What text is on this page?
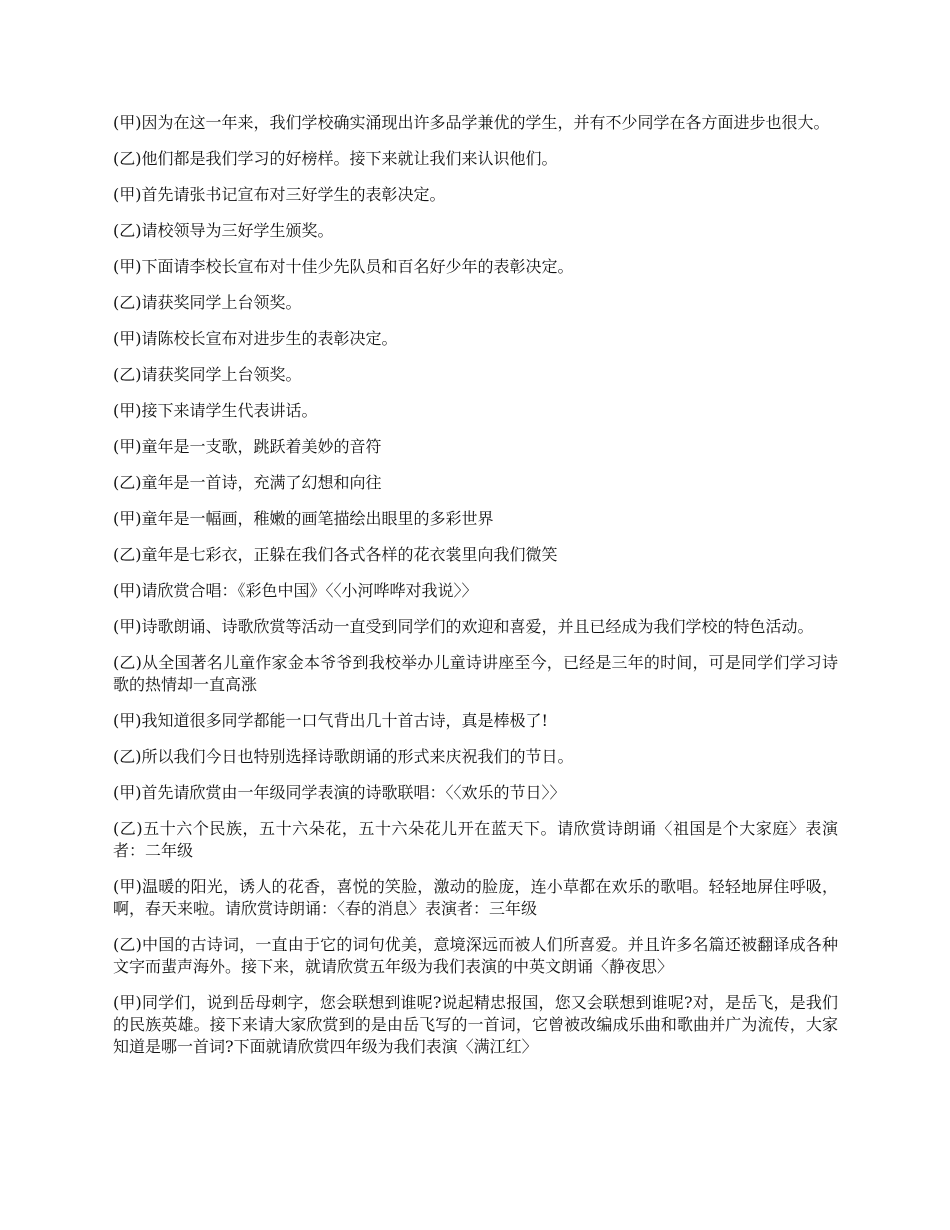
(甲)因为在这一年来，我们学校确实涌现出许多品学兼优的学生，并有不少同学在各方面进步也很大。

(乙)他们都是我们学习的好榜样。接下来就让我们来认识他们。

(甲)首先请张书记宣布对三好学生的表彰决定。

(乙)请校领导为三好学生颁奖。

(甲)下面请李校长宣布对十佳少先队员和百名好少年的表彰决定。

(乙)请获奖同学上台领奖。

(甲)请陈校长宣布对进步生的表彰决定。

(乙)请获奖同学上台领奖。

(甲)接下来请学生代表讲话。

(甲)童年是一支歌，跳跃着美妙的音符

(乙)童年是一首诗，充满了幻想和向往

(甲)童年是一幅画，稚嫩的画笔描绘出眼里的多彩世界

(乙)童年是七彩衣，正躲在我们各式各样的花衣裳里向我们微笑

(甲)请欣赏合唱：《彩色中国》〈〈小河哗哗对我说〉〉

(甲)诗歌朗诵、诗歌欣赏等活动一直受到同学们的欢迎和喜爱，并且已经成为我们学校的特色活动。

(乙)从全国著名儿童作家金本爷爷到我校举办儿童诗讲座至今，已经是三年的时间，可是同学们学习诗歌的热情却一直高涨

(甲)我知道很多同学都能一口气背出几十首古诗，真是棒极了!

(乙)所以我们今日也特别选择诗歌朗诵的形式来庆祝我们的节日。

(甲)首先请欣赏由一年级同学表演的诗歌联唱：〈〈欢乐的节日〉〉

(乙)五十六个民族，五十六朵花，五十六朵花儿开在蓝天下。请欣赏诗朗诵〈祖国是个大家庭〉表演者：二年级

(甲)温暖的阳光，诱人的花香，喜悦的笑脸，激动的脸庞，连小草都在欢乐的歌唱。轻轻地屏住呼吸，啊，春天来啦。请欣赏诗朗诵：〈春的消息〉表演者：三年级

(乙)中国的古诗词，一直由于它的词句优美，意境深远而被人们所喜爱。并且许多名篇还被翻译成各种文字而蜚声海外。接下来，就请欣赏五年级为我们表演的中英文朗诵〈静夜思〉

(甲)同学们，说到岳母刺字，您会联想到谁呢?说起精忠报国，您又会联想到谁呢?对，是岳飞，是我们的民族英雄。接下来请大家欣赏到的是由岳飞写的一首词，它曾被改编成乐曲和歌曲并广为流传，大家知道是哪一首词?下面就请欣赏四年级为我们表演〈满江红〉
